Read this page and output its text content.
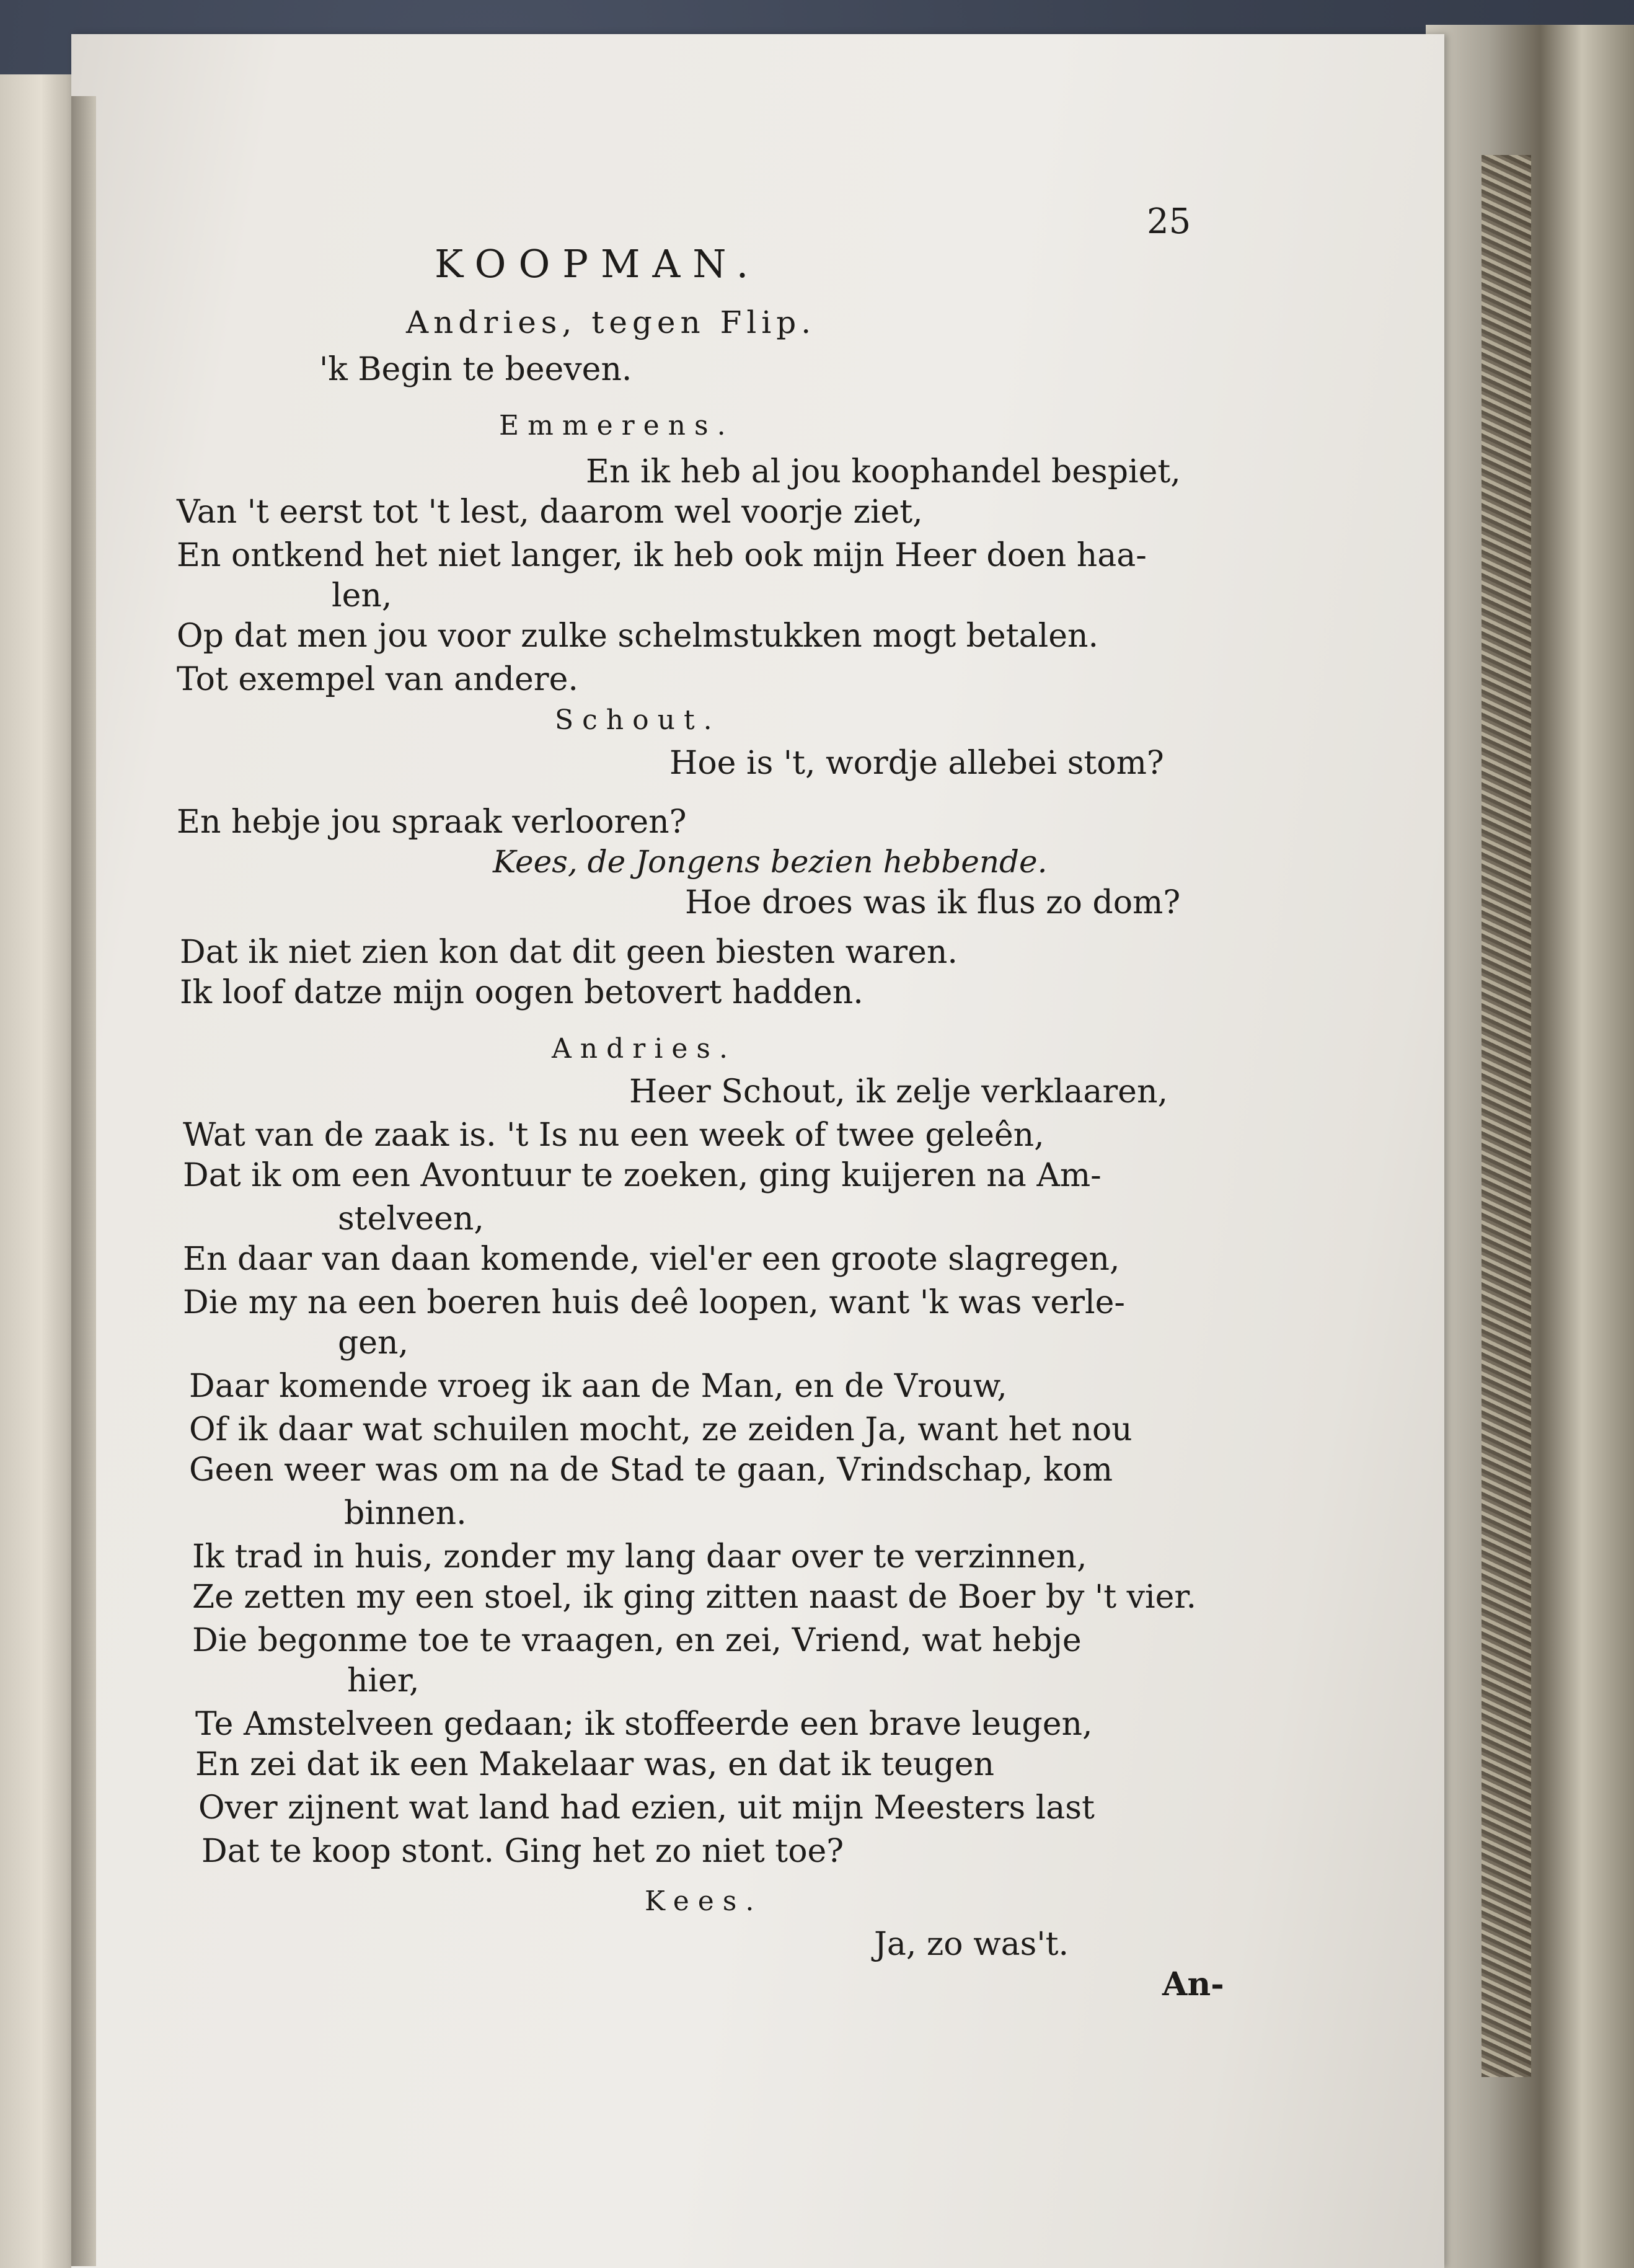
KOOPMAN.
25
Andries, tegen Flip.
'k Begin te beeven.
Emmerens.
En ik heb al jou koophandel bespiet,
Van 't eerst tot 't lest, daarom wel voorje ziet,
En ontkend het niet langer, ik heb ook mijn Heer doen haa-
len,
Op dat men jou voor zulke schelmstukken mogt betalen.
Tot exempel van andere.
Schout.
Hoe is 't, wordje allebei stom?
En hebje jou spraak verlooren?
Kees, de Jongens bezien hebbende.
Hoe droes was ik flus zo dom?
Dat ik niet zien kon dat dit geen biesten waren.
Ik loof datze mijn oogen betovert hadden.
Andries.
Heer Schout, ik zelje verklaaren,
Wat van de zaak is. 't Is nu een week of twee geleên,
Dat ik om een Avontuur te zoeken, ging kuijeren na Am-
stelveen,
En daar van daan komende, viel'er een groote slagregen,
Die my na een boeren huis deê loopen, want 'k was verle-
gen,
Daar komende vroeg ik aan de Man, en de Vrouw,
Of ik daar wat schuilen mocht, ze zeiden Ja, want het nou
Geen weer was om na de Stad te gaan, Vrindschap, kom
binnen.
Ik trad in huis, zonder my lang daar over te verzinnen,
Ze zetten my een stoel, ik ging zitten naast de Boer by 't vier.
Die begonme toe te vraagen, en zei, Vriend, wat hebje
hier,
Te Amstelveen gedaan; ik stoffeerde een brave leugen,
En zei dat ik een Makelaar was, en dat ik teugen
Over zijnent wat land had ezien, uit mijn Meesters last
Dat te koop stont. Ging het zo niet toe?
Kees.
Ja, zo was't.
An-
